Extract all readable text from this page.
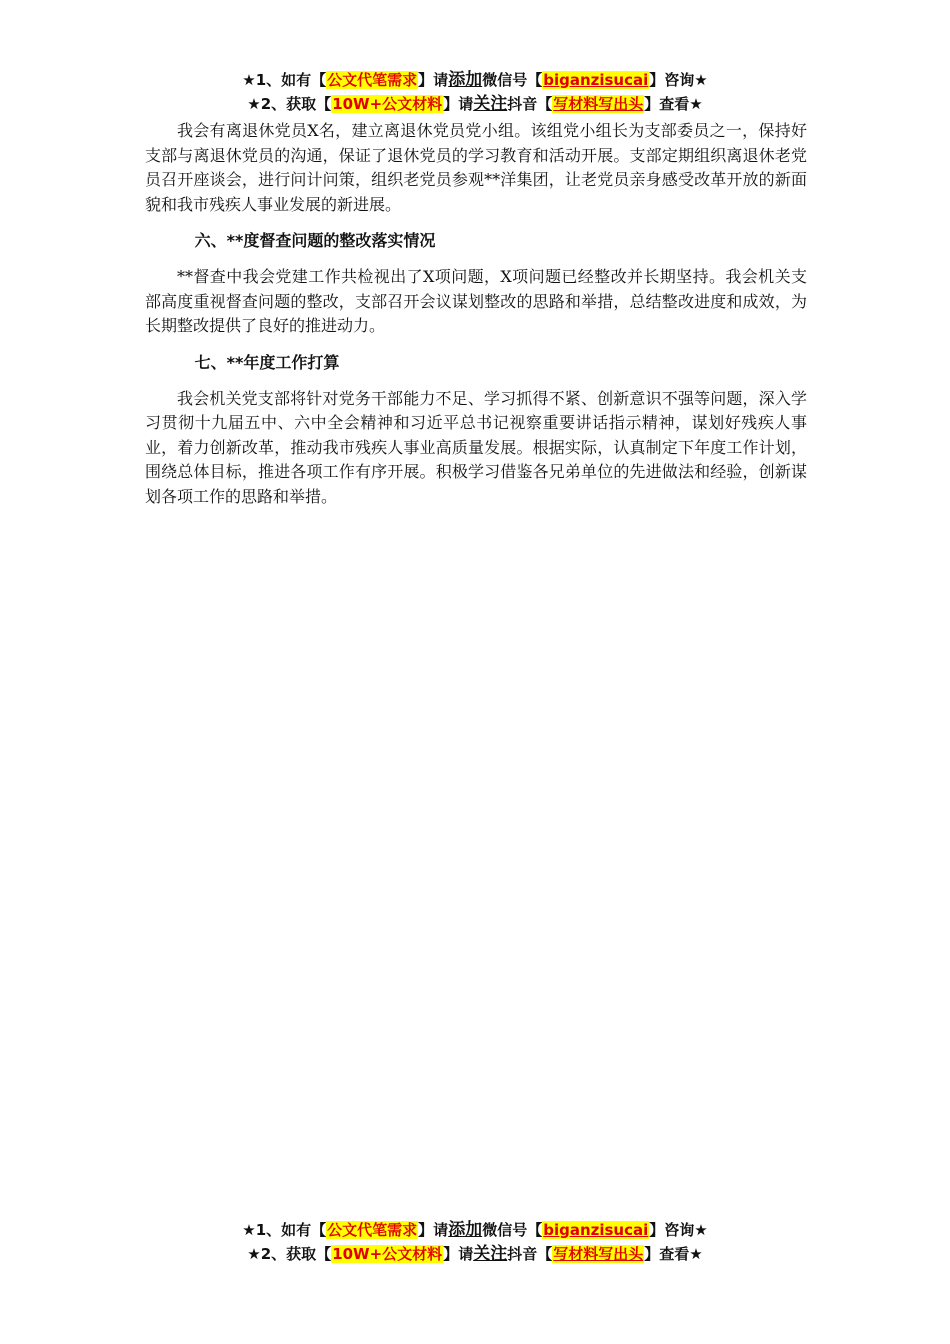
★1、如有【公文代笔需求】请添加微信号【biganzisucai】咨询★
★2、获取【10W+公文材料】请关注抖音【写材料写出头】查看★

我会有离退休党员X名，建立离退休党员党小组。该组党小组长为支部委员之一，保持好支部与离退休党员的沟通，保证了退休党员的学习教育和活动开展。支部定期组织离退休老党员召开座谈会，进行问计问策，组织老党员参观**洋集团，让老党员亲身感受改革开放的新面貌和我市残疾人事业发展的新进展。

六、**度督查问题的整改落实情况

**督查中我会党建工作共检视出了X项问题，X项问题已经整改并长期坚持。我会机关支部高度重视督查问题的整改，支部召开会议谋划整改的思路和举措，总结整改进度和成效，为长期整改提供了良好的推进动力。

七、**年度工作打算

我会机关党支部将针对党务干部能力不足、学习抓得不紧、创新意识不强等问题，深入学习贯彻十九届五中、六中全会精神和习近平总书记视察重要讲话指示精神，谋划好残疾人事业，着力创新改革，推动我市残疾人事业高质量发展。根据实际，认真制定下年度工作计划，围绕总体目标，推进各项工作有序开展。积极学习借鉴各兄弟单位的先进做法和经验，创新谋划各项工作的思路和举措。

★1、如有【公文代笔需求】请添加微信号【biganzisucai】咨询★
★2、获取【10W+公文材料】请关注抖音【写材料写出头】查看★
